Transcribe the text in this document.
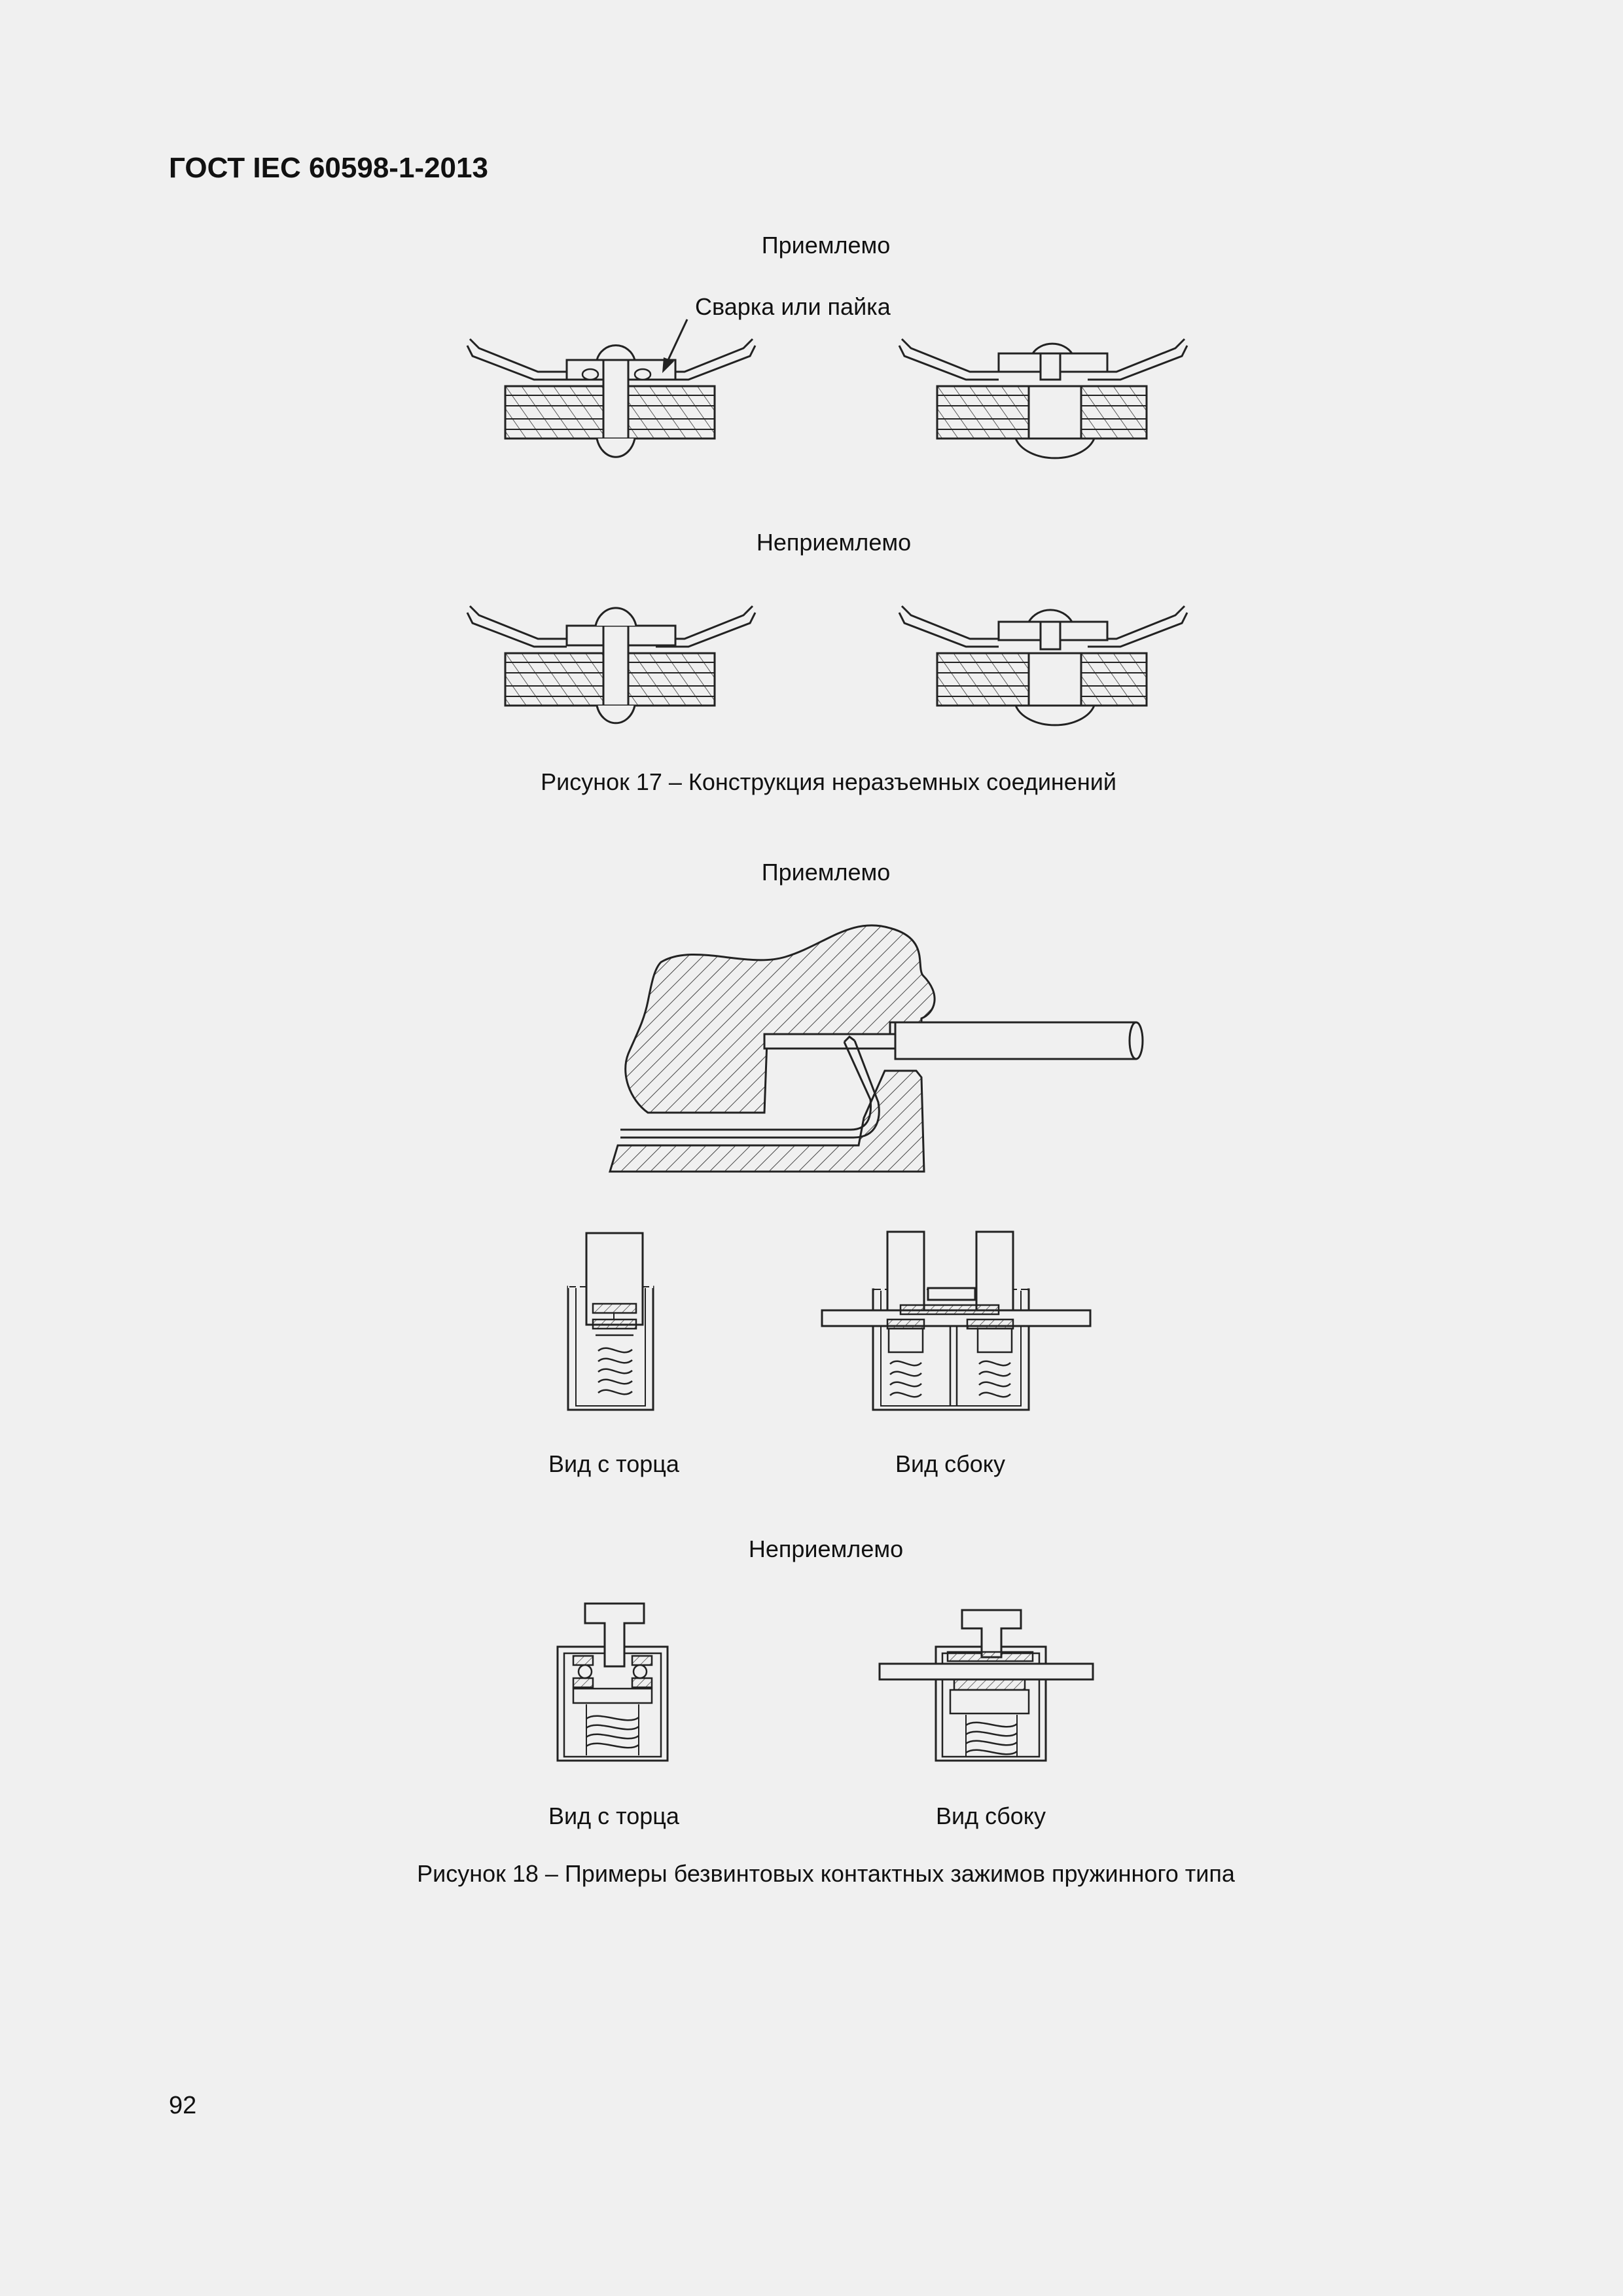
ГОСТ IEC 60598-1-2013
Приемлемо
Сварка или пайка
Неприемлемо
Рисунок 17 – Конструкция неразъемных соединений
Приемлемо
Вид с торца	Вид сбоку
Неприемлемо
Вид с торца	Вид сбоку
Рисунок 18 – Примеры безвинтовых контактных зажимов пружинного типа
92
